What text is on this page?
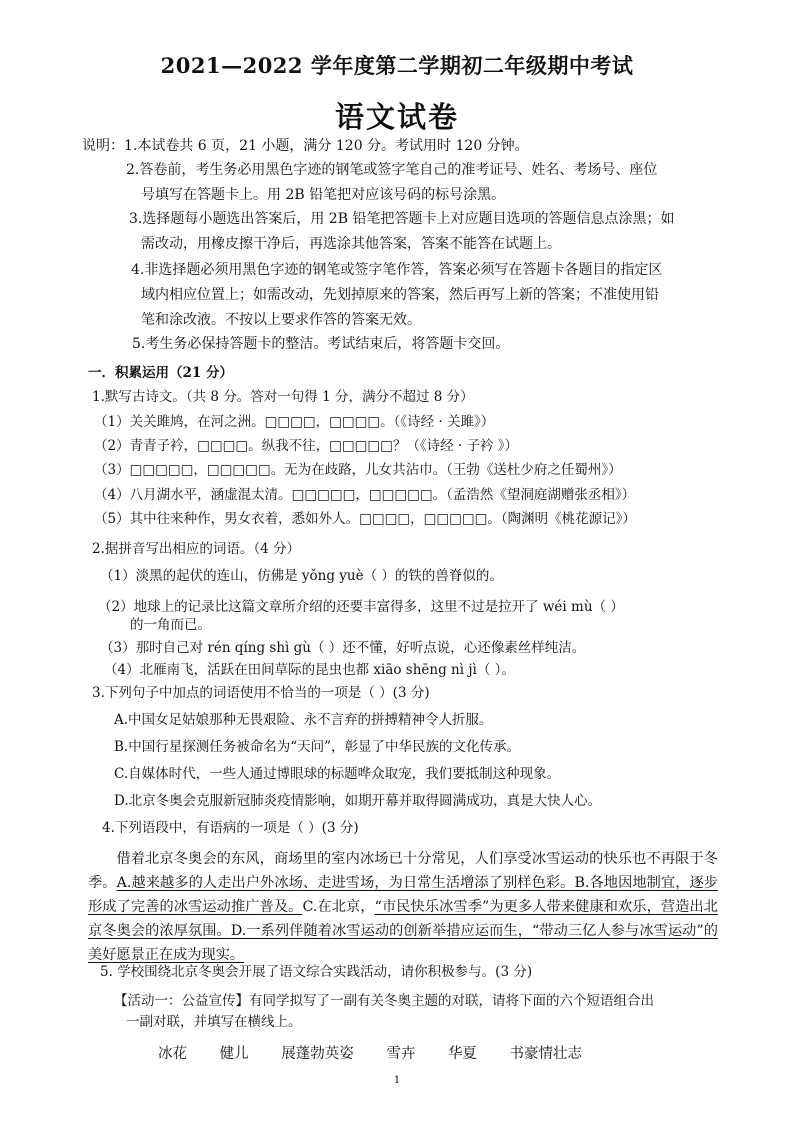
2021—2022 学年度第二学期初二年级期中考试
语文试卷
说明：1.本试卷共 6 页，21 小题，满分 120 分。考试用时 120 分钟。
2.答卷前，考生务必用黑色字迹的钢笔或签字笔自己的准考证号、姓名、考场号、座位
号填写在答题卡上。用 2B 铅笔把对应该号码的标号涂黑。
3.选择题每小题选出答案后，用 2B 铅笔把答题卡上对应题目选项的答题信息点涂黑；如
需改动，用橡皮擦干净后，再选涂其他答案，答案不能答在试题上。
4.非选择题必须用黑色字迹的钢笔或签字笔作答，答案必须写在答题卡各题目的指定区
域内相应位置上；如需改动，先划掉原来的答案，然后再写上新的答案；不准使用铅
笔和涂改液。不按以上要求作答的答案无效。
5.考生务必保持答题卡的整洁。考试结束后，将答题卡交回。
一．积累运用（21 分）
1.默写古诗文。（共 8 分。答对一句得 1 分，满分不超过 8 分）
（1）关关雎鸠，在河之洲。□□□□，□□□□。（《诗经 · 关雎》）
（2）青青子衿，□□□□。纵我不往，□□□□□？（《诗经 · 子衿 》）
（3）□□□□□，□□□□□。无为在歧路，儿女共沾巾。（王勃《送杜少府之任蜀州》）
（4）八月湖水平，涵虚混太清。□□□□□，□□□□□。（孟浩然《望洞庭湖赠张丞相》）
（5）其中往来种作，男女衣着，悉如外人。□□□□，□□□□□。（陶渊明《桃花源记》）
2.据拼音写出相应的词语。（4 分）
（1）淡黑的起伏的连山，仿佛是 yǒng yuè（ ）的铁的兽脊似的。
（2）地球上的记录比这篇文章所介绍的还要丰富得多，这里不过是拉开了 wéi mù（ ）
的一角而已。
（3）那时自己对 rén qíng shì gù（ ）还不懂，好听点说，心还像素丝样纯洁。
（4）北雁南飞，活跃在田间草际的昆虫也都 xiāo shēng nì jì（ ）。
3.下列句子中加点的词语使用不恰当的一项是（ ）(3 分)
A.中国女足姑娘那种无畏艰险、永不言弃的拼搏精神令人折服。
B.中国行星探测任务被命名为“天问”，彰显了中华民族的文化传承。
C.自媒体时代，一些人通过博眼球的标题哗众取宠，我们要抵制这种现象。
D.北京冬奥会克服新冠肺炎疫情影响，如期开幕并取得圆满成功，真是大快人心。
4.下列语段中，有语病的一项是（ ）(3 分)
借着北京冬奥会的东风，商场里的室内冰场已十分常见，人们享受冰雪运动的快乐也不再限于冬季。A.越来越多的人走出户外冰场、走进雪场，为日常生活增添了别样色彩。B.各地因地制宜，逐步形成了完善的冰雪运动推广普及。C.在北京，“市民快乐冰雪季”为更多人带来健康和欢乐，营造出北京冬奥会的浓厚氛围。D.一系列伴随着冰雪运动的创新举措应运而生，“带动三亿人参与冰雪运动”的美好愿景正在成为现实。
5. 学校围绕北京冬奥会开展了语文综合实践活动，请你积极参与。(3 分)
【活动一：公益宣传】有同学拟写了一副有关冬奥主题的对联，请将下面的六个短语组合出
一副对联，并填写在横线上。
冰花 健儿 展蓬勃英姿 雪卉 华夏 书豪情壮志
1
